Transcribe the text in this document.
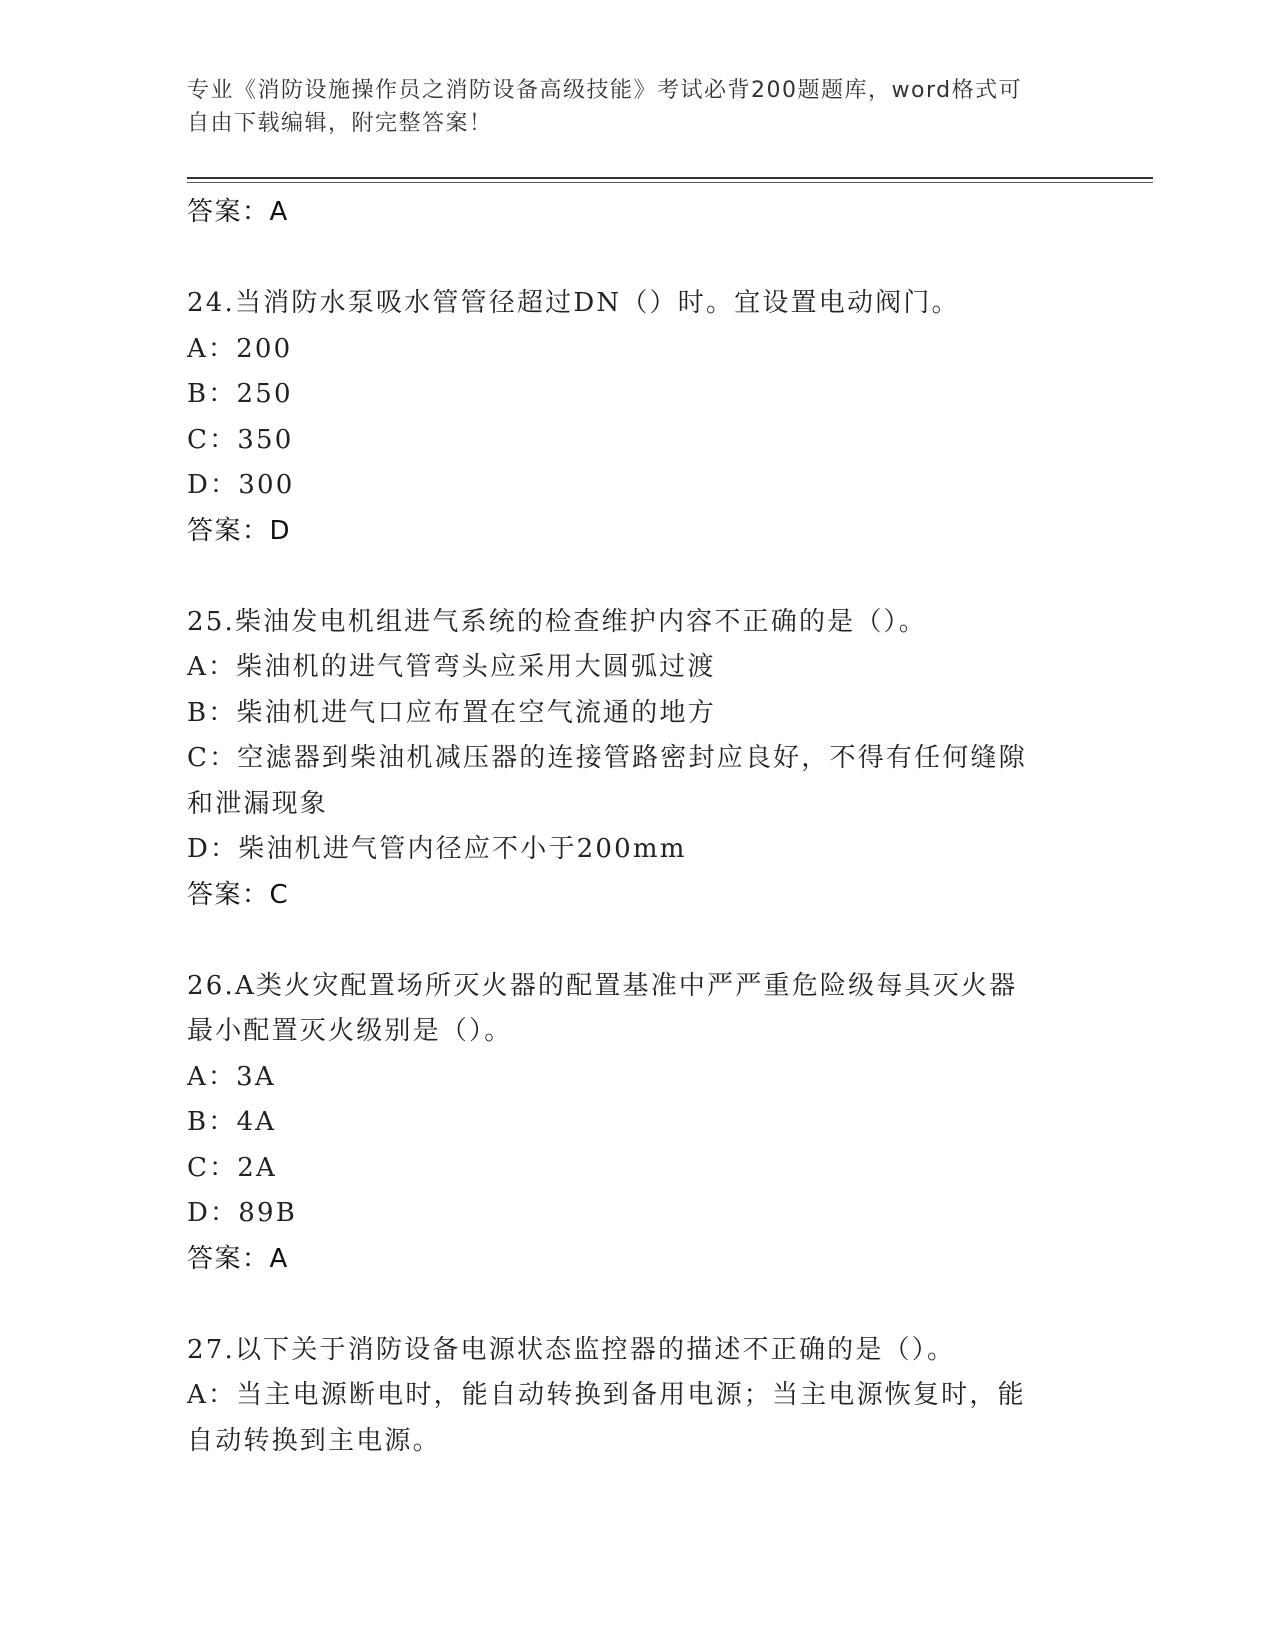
专业《消防设施操作员之消防设备高级技能》考试必背200题题库，word格式可
自由下载编辑，附完整答案！
答案：A
24.当消防水泵吸水管管径超过DN（）时。宜设置电动阀门。
A：200
B：250
C：350
D：300
答案：D
25.柴油发电机组进气系统的检查维护内容不正确的是（）。
A：柴油机的进气管弯头应采用大圆弧过渡
B：柴油机进气口应布置在空气流通的地方
C：空滤器到柴油机减压器的连接管路密封应良好，不得有任何缝隙和泄漏现象
D：柴油机进气管内径应不小于200mm
答案：C
26.A类火灾配置场所灭火器的配置基准中严严重危险级每具灭火器最小配置灭火级别是（）。
A：3A
B：4A
C：2A
D：89B
答案：A
27.以下关于消防设备电源状态监控器的描述不正确的是（）。
A：当主电源断电时，能自动转换到备用电源；当主电源恢复时，能自动转换到主电源。
